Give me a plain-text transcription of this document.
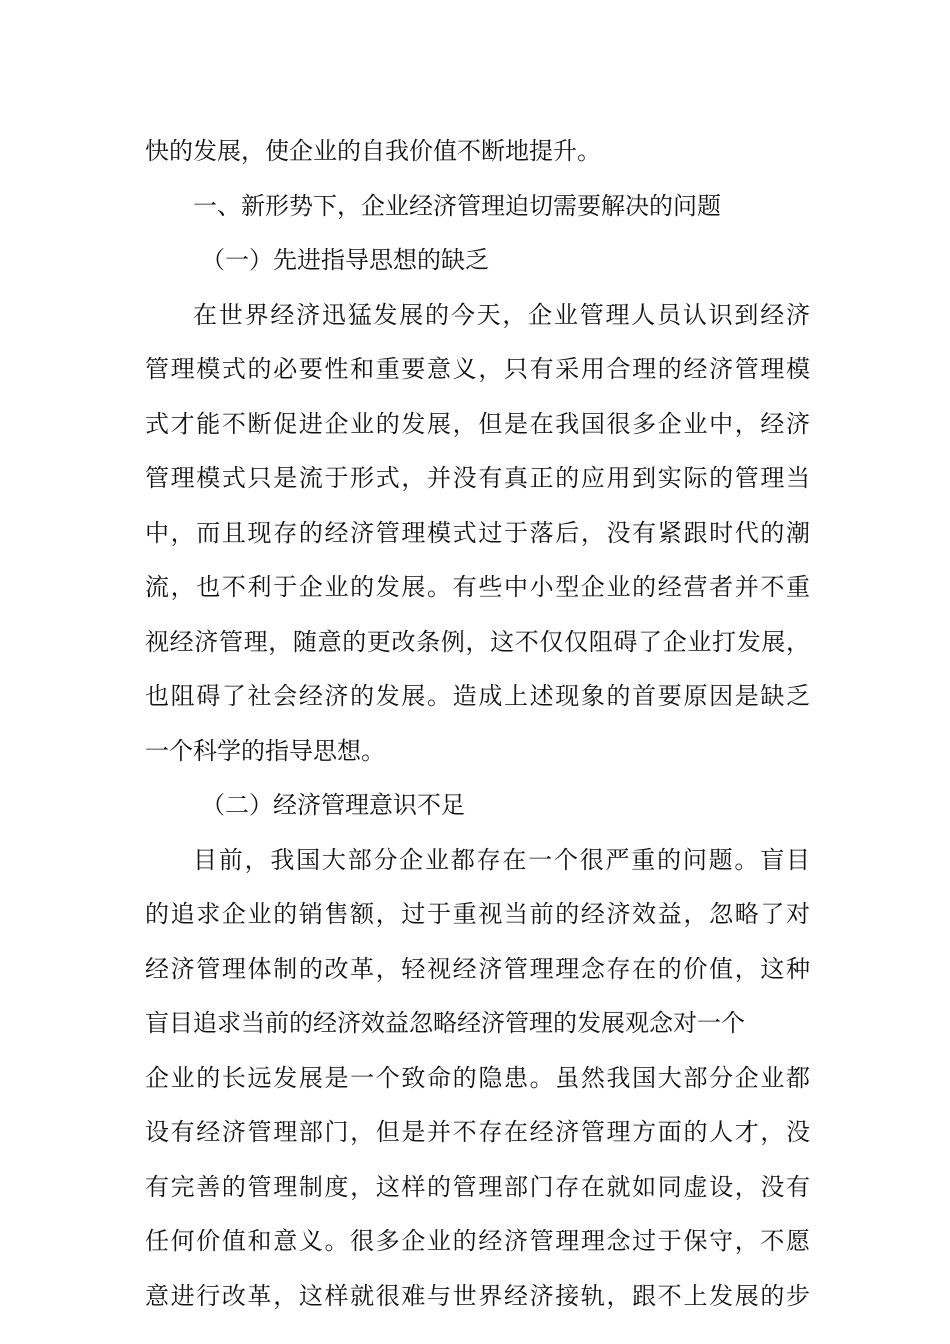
快的发展，使企业的自我价值不断地提升。
一、新形势下，企业经济管理迫切需要解决的问题
（一）先进指导思想的缺乏
在世界经济迅猛发展的今天，企业管理人员认识到经济
管理模式的必要性和重要意义，只有采用合理的经济管理模
式才能不断促进企业的发展，但是在我国很多企业中，经济
管理模式只是流于形式，并没有真正的应用到实际的管理当
中，而且现存的经济管理模式过于落后，没有紧跟时代的潮
流，也不利于企业的发展。有些中小型企业的经营者并不重
视经济管理，随意的更改条例，这不仅仅阻碍了企业打发展，
也阻碍了社会经济的发展。造成上述现象的首要原因是缺乏
一个科学的指导思想。
（二）经济管理意识不足
目前，我国大部分企业都存在一个很严重的问题。盲目
的追求企业的销售额，过于重视当前的经济效益，忽略了对
经济管理体制的改革，轻视经济管理理念存在的价值，这种
盲目追求当前的经济效益忽略经济管理的发展观念对一个
企业的长远发展是一个致命的隐患。虽然我国大部分企业都
设有经济管理部门，但是并不存在经济管理方面的人才，没
有完善的管理制度，这样的管理部门存在就如同虚设，没有
任何价值和意义。很多企业的经济管理理念过于保守，不愿
意进行改革，这样就很难与世界经济接轨，跟不上发展的步
